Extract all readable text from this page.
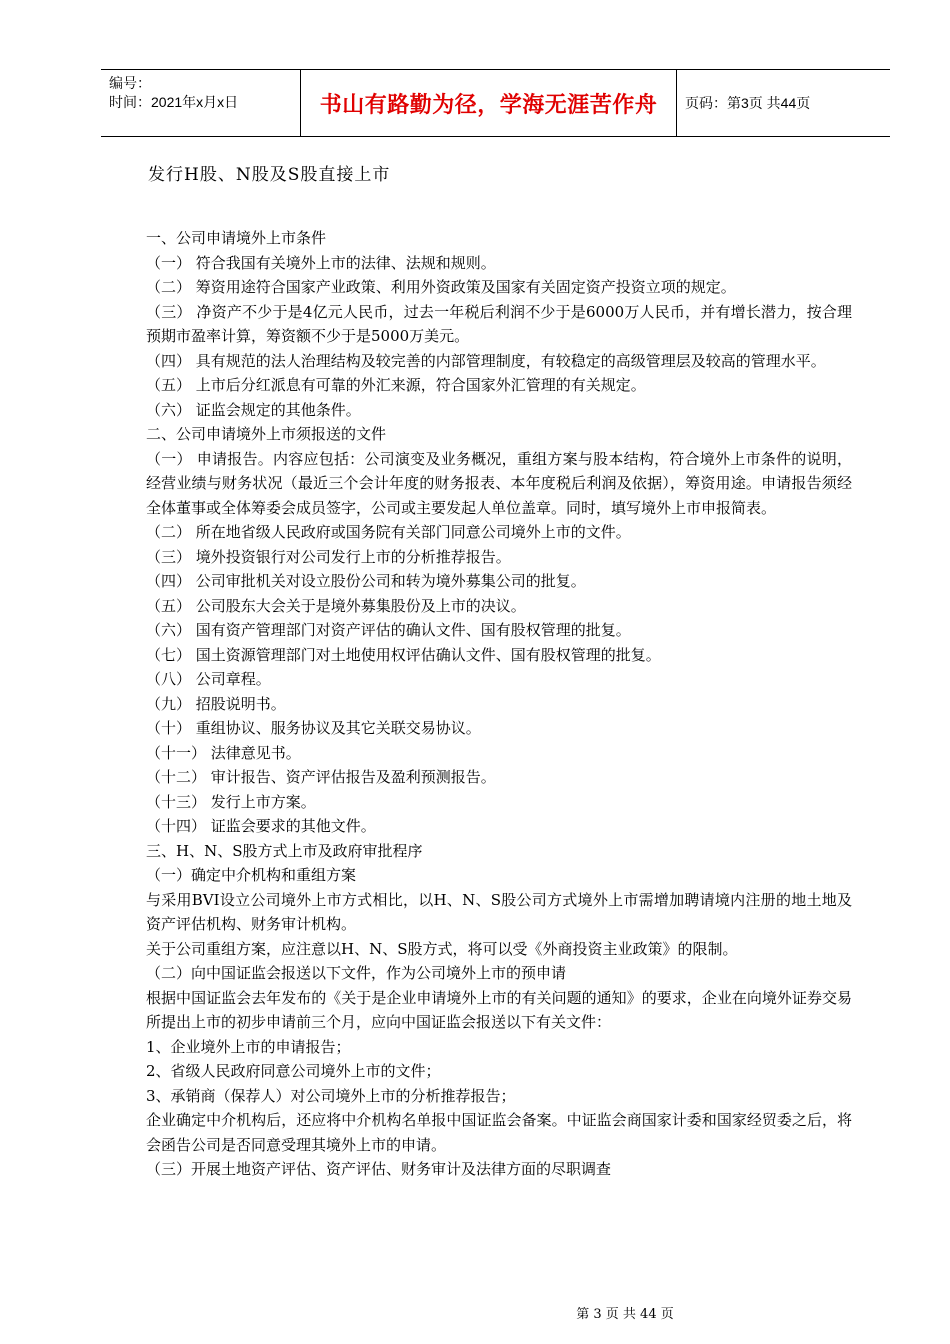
编号：
时间：2021年x月x日	书山有路勤为径，学海无涯苦作舟	页码：第3页 共44页
发行H股、N股及S股直接上市

一、公司申请境外上市条件

（一） 符合我国有关境外上市的法律、法规和规则。

（二） 筹资用途符合国家产业政策、利用外资政策及国家有关固定资产投资立项的规定。

（三） 净资产不少于是4亿元人民币，过去一年税后利润不少于是6000万人民币，并有增长潜力，按合理预期市盈率计算，筹资额不少于是5000万美元。

（四） 具有规范的法人治理结构及较完善的内部管理制度，有较稳定的高级管理层及较高的管理水平。

（五） 上市后分红派息有可靠的外汇来源，符合国家外汇管理的有关规定。

（六） 证监会规定的其他条件。

二、公司申请境外上市须报送的文件

（一） 申请报告。内容应包括：公司演变及业务概况，重组方案与股本结构，符合境外上市条件的说明，经营业绩与财务状况（最近三个会计年度的财务报表、本年度税后利润及依据），筹资用途。申请报告须经全体董事或全体筹委会成员签字，公司或主要发起人单位盖章。同时，填写境外上市申报简表。

（二） 所在地省级人民政府或国务院有关部门同意公司境外上市的文件。

（三） 境外投资银行对公司发行上市的分析推荐报告。

（四） 公司审批机关对设立股份公司和转为境外募集公司的批复。

（五） 公司股东大会关于是境外募集股份及上市的决议。

（六） 国有资产管理部门对资产评估的确认文件、国有股权管理的批复。

（七） 国土资源管理部门对土地使用权评估确认文件、国有股权管理的批复。

（八） 公司章程。

（九） 招股说明书。

（十） 重组协议、服务协议及其它关联交易协议。

（十一） 法律意见书。

（十二） 审计报告、资产评估报告及盈利预测报告。

（十三） 发行上市方案。

（十四） 证监会要求的其他文件。

三、H、N、S股方式上市及政府审批程序

（一）确定中介机构和重组方案

与采用BVI设立公司境外上市方式相比，以H、N、S股公司方式境外上市需增加聘请境内注册的地土地及资产评估机构、财务审计机构。

关于公司重组方案，应注意以H、N、S股方式，将可以受《外商投资主业政策》的限制。

（二）向中国证监会报送以下文件，作为公司境外上市的预申请

根据中国证监会去年发布的《关于是企业申请境外上市的有关问题的通知》的要求，企业在向境外证券交易所提出上市的初步申请前三个月，应向中国证监会报送以下有关文件：

1、企业境外上市的申请报告；

2、省级人民政府同意公司境外上市的文件；

3、承销商（保荐人）对公司境外上市的分析推荐报告；

企业确定中介机构后，还应将中介机构名单报中国证监会备案。中证监会商国家计委和国家经贸委之后，将会函告公司是否同意受理其境外上市的申请。

（三）开展土地资产评估、资产评估、财务审计及法律方面的尽职调查

第 3 页 共 44 页
